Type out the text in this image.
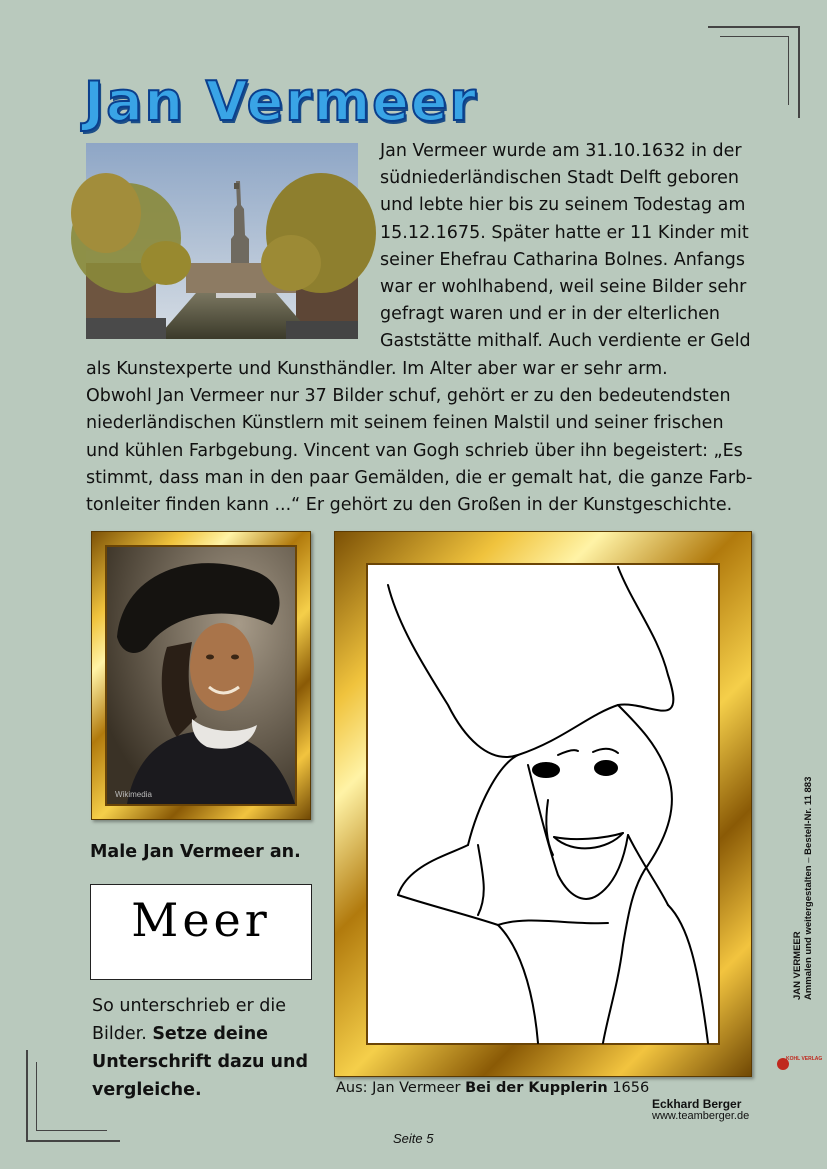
Jan Vermeer
Jan Vermeer wurde am 31.10.1632 in der
südniederländischen Stadt Delft geboren
und lebte hier bis zu seinem Todestag am
15.12.1675. Später hatte er 11 Kinder mit
seiner Ehefrau Catharina Bolnes. Anfangs
war er wohlhabend, weil seine Bilder sehr
gefragt waren und er in der elterlichen
Gaststätte mithalf. Auch verdiente er Geld
als Kunstexperte und Kunsthändler. Im Alter aber war er sehr arm.
Obwohl Jan Vermeer nur 37 Bilder schuf, gehört er zu den bedeutendsten
niederländischen Künstlern mit seinem feinen Malstil und seiner frischen
und kühlen Farbgebung. Vincent van Gogh schrieb über ihn begeistert: „Es
stimmt, dass man in den paar Gemälden, die er gemalt hat, die ganze Farb-
tonleiter finden kann ...“ Er gehört zu den Großen in der Kunstgeschichte.
Wikimedia
Male Jan Vermeer an.
Meer
So unterschrieb er die
Bilder. Setze deine
Unterschrift dazu und
vergleiche.	Aus: Jan Vermeer Bei der Kupplerin 1656
Eckhard Berger
www.teamberger.de
Seite 5
JAN VERMEER Ammalen und weitergestalten – Bestell-Nr. 11 883
KOHL VERLAG
